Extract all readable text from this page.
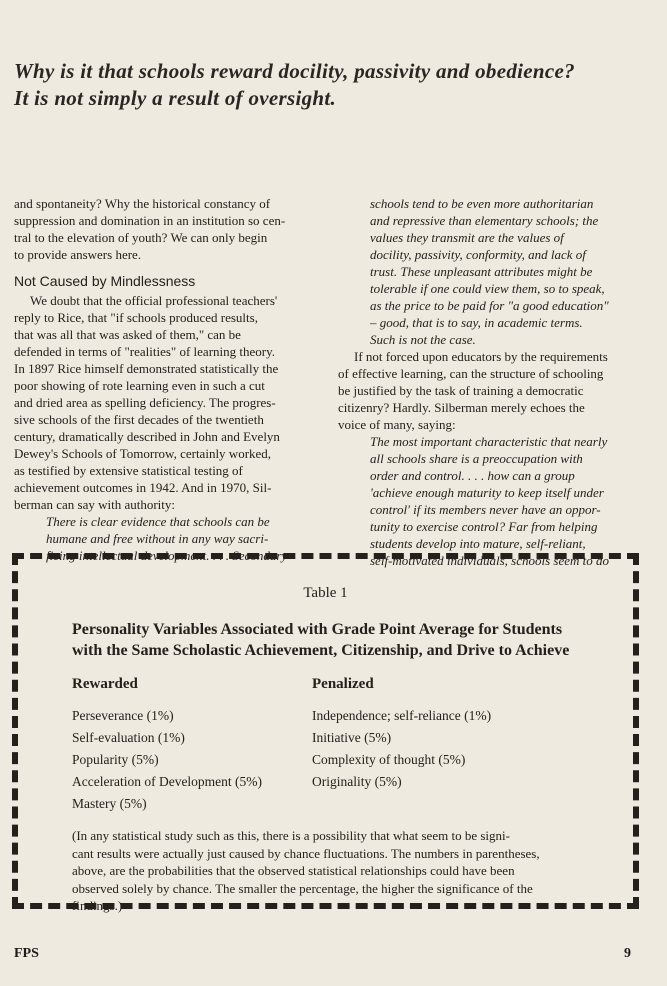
Why is it that schools reward docility, passivity and obedience?
It is not simply a result of oversight.
and spontaneity? Why the historical constancy of
suppression and domination in an institution so cen-
tral to the elevation of youth? We can only begin
to provide answers here.
Not Caused by Mindlessness
We doubt that the official professional teachers'
reply to Rice, that "if schools produced results,
that was all that was asked of them," can be
defended in terms of "realities" of learning theory.
In 1897 Rice himself demonstrated statistically the
poor showing of rote learning even in such a cut
and dried area as spelling deficiency. The progres-
sive schools of the first decades of the twentieth
century, dramatically described in John and Evelyn
Dewey's Schools of Tomorrow, certainly worked,
as testified by extensive statistical testing of
achievement outcomes in 1942. And in 1970, Sil-
berman can say with authority:
There is clear evidence that schools can be
humane and free without in any way sacri-
ficing intellectual development. . . . Secondary
schools tend to be even more authoritarian
and repressive than elementary schools; the
values they transmit are the values of
docility, passivity, conformity, and lack of
trust. These unpleasant attributes might be
tolerable if one could view them, so to speak,
as the price to be paid for "a good education"
– good, that is to say, in academic terms.
Such is not the case.
If not forced upon educators by the requirements
of effective learning, can the structure of schooling
be justified by the task of training a democratic
citizenry? Hardly. Silberman merely echoes the
voice of many, saying:
The most important characteristic that nearly
all schools share is a preoccupation with
order and control. . . . how can a group
'achieve enough maturity to keep itself under
control' if its members never have an oppor-
tunity to exercise control? Far from helping
students develop into mature, self-reliant,
self-motivated individuals, schools seem to do
Table 1
Personality Variables Associated with Grade Point Average for Students
with the Same Scholastic Achievement, Citizenship, and Drive to Achieve
Rewarded	Penalized
Perseverance (1%)
Self-evaluation (1%)
Popularity (5%)
Acceleration of Development (5%)
Mastery (5%)
Independence; self-reliance (1%)
Initiative (5%)
Complexity of thought (5%)
Originality (5%)
(In any statistical study such as this, there is a possibility that what seem to be signi-
cant results were actually just caused by chance fluctuations. The numbers in parentheses,
above, are the probabilities that the observed statistical relationships could have been
observed solely by chance. The smaller the percentage, the higher the significance of the
findings.)
FPS	9
